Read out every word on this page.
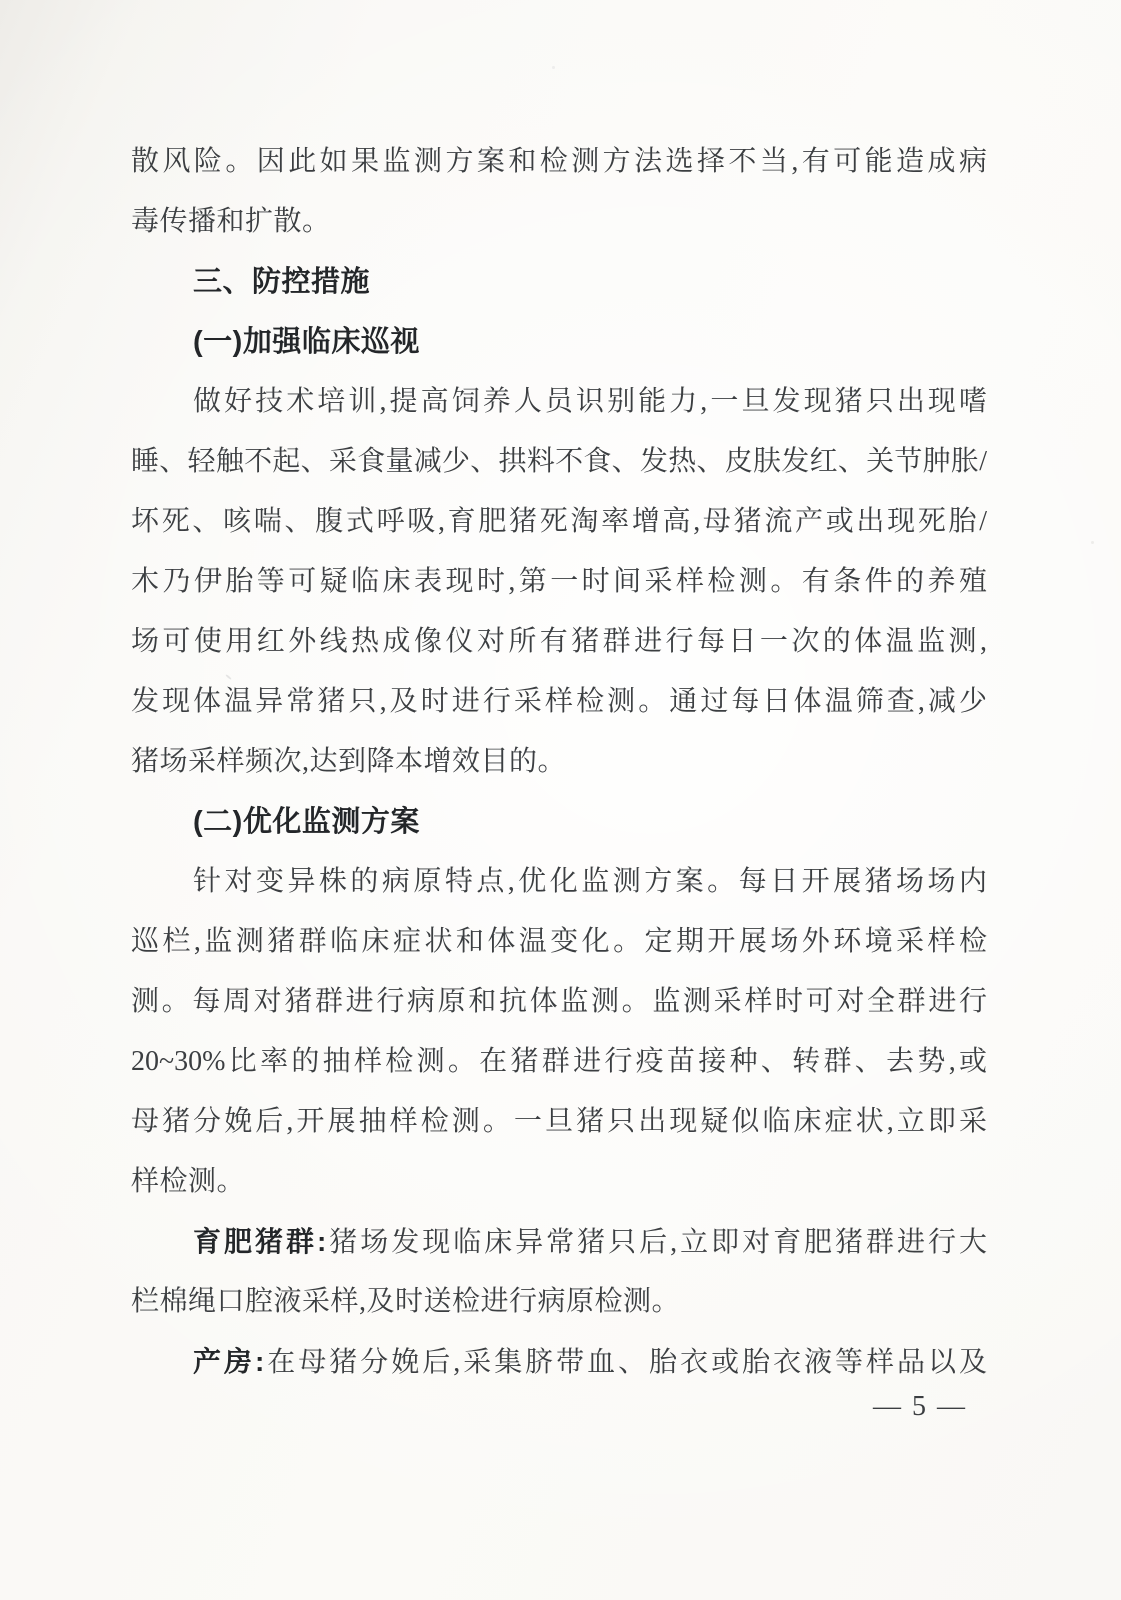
散风险。因此如果监测方案和检测方法选择不当,有可能造成病
毒传播和扩散。
三、防控措施
(一)加强临床巡视
做好技术培训,提高饲养人员识别能力,一旦发现猪只出现嗜
睡、轻触不起、采食量减少、拱料不食、发热、皮肤发红、关节肿胀/
坏死、咳喘、腹式呼吸,育肥猪死淘率增高,母猪流产或出现死胎/
木乃伊胎等可疑临床表现时,第一时间采样检测。有条件的养殖
场可使用红外线热成像仪对所有猪群进行每日一次的体温监测,
发现体温异常猪只,及时进行采样检测。通过每日体温筛查,减少
猪场采样频次,达到降本增效目的。
(二)优化监测方案
针对变异株的病原特点,优化监测方案。每日开展猪场场内
巡栏,监测猪群临床症状和体温变化。定期开展场外环境采样检
测。每周对猪群进行病原和抗体监测。监测采样时可对全群进行
20~30%比率的抽样检测。在猪群进行疫苗接种、转群、去势,或
母猪分娩后,开展抽样检测。一旦猪只出现疑似临床症状,立即采
样检测。
育肥猪群:猪场发现临床异常猪只后,立即对育肥猪群进行大
栏棉绳口腔液采样,及时送检进行病原检测。
产房:在母猪分娩后,采集脐带血、胎衣或胎衣液等样品以及
— 5 —
